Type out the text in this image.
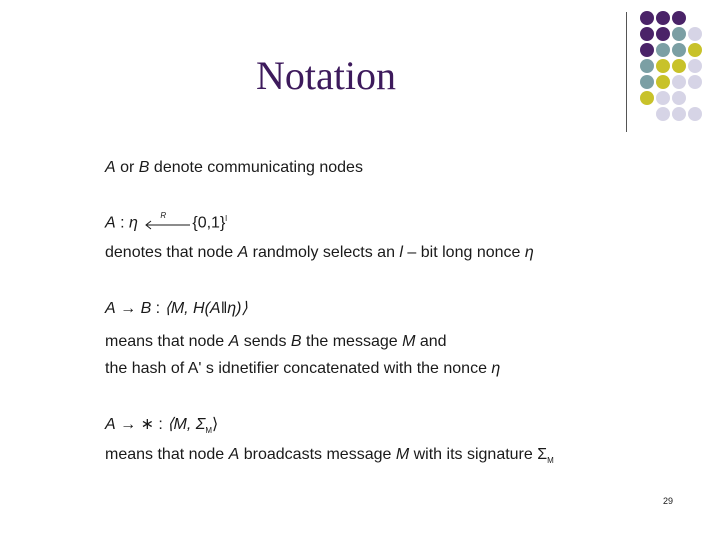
Notation
A or B denote communicating nodes
A : η	R $\{0,1\}^l$
denotes that node A randmoly selects an l – bit long nonce η
A → B : ⟨M, H(A‖η)⟩
means that node A sends B the message M and
the hash of A' s idnetifier concatenated with the nonce η
A → ∗ : ⟨M, $\Sigma_M⟩$
means that node A broadcasts message M with its signature $\Sigma_M$
29
